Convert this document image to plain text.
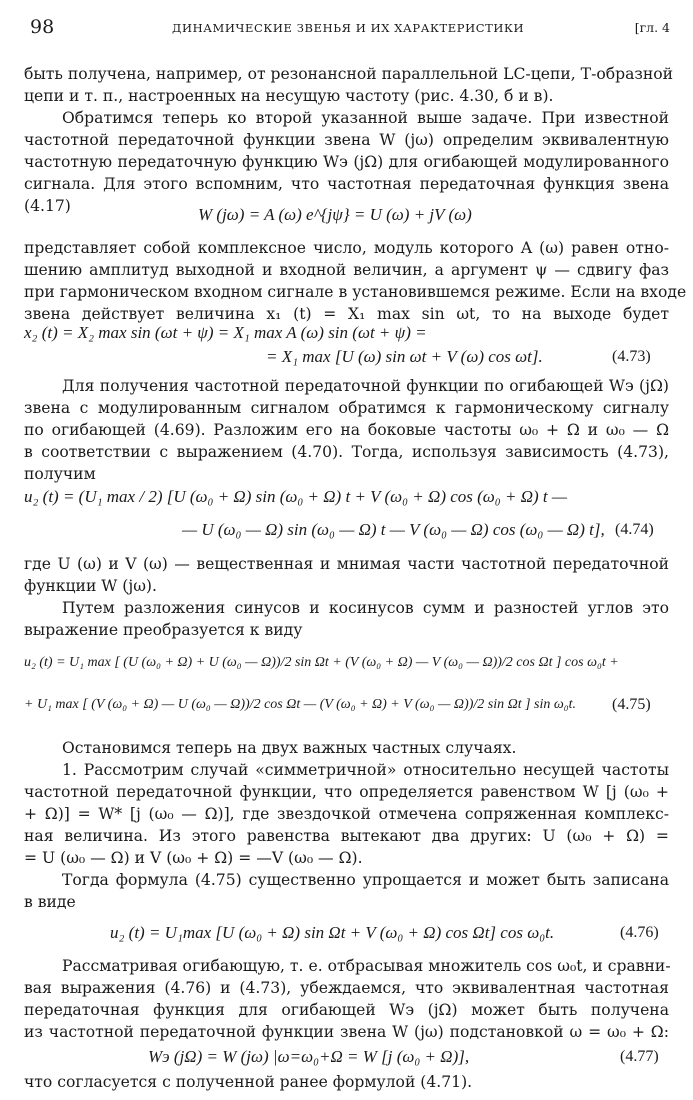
98	ДИНАМИЧЕСКИЕ ЗВЕНЬЯ И ИХ ХАРАКТЕРИСТИКИ	[гл. 4
быть получена, например, от резонансной параллельной LC-цепи, Т-образной
цепи и т. п., настроенных на несущую частоту (рис. 4.30, б и в).
Обратимся теперь ко второй указанной выше задаче. При известной
частотной передаточной функции звена W (jω) определим эквивалентную
частотную передаточную функцию Wэ (jΩ) для огибающей модулированного
сигнала. Для этого вспомним, что частотная передаточная функция звена
(4.17)	W (jω) = A (ω) e^{jψ} = U (ω) + jV (ω)
представляет собой комплексное число, модуль которого A (ω) равен отно-
шению амплитуд выходной и входной величин, а аргумент ψ — сдвигу фаз
при гармоническом входном сигнале в установившемся режиме. Если на входе
звена действует величина x₁ (t) = X₁ max sin ωt, то на выходе будет
x₂ (t) = X₂ max sin (ωt + ψ) = X₁ max A (ω) sin (ωt + ψ) =
= X₁ max [U (ω) sin ωt + V (ω) cos ωt].	(4.73)
Для получения частотной передаточной функции по огибающей Wэ (jΩ)
звена с модулированным сигналом обратимся к гармоническому сигналу
по огибающей (4.69). Разложим его на боковые частоты ω₀ + Ω и ω₀ — Ω
в соответствии с выражением (4.70). Тогда, используя зависимость (4.73),
получим
u₂ (t) = (U₁ max / 2) [U (ω₀ + Ω) sin (ω₀ + Ω) t + V (ω₀ + Ω) cos (ω₀ + Ω) t —
— U (ω₀ — Ω) sin (ω₀ — Ω) t — V (ω₀ — Ω) cos (ω₀ — Ω) t], (4.74)
где U (ω) и V (ω) — вещественная и мнимая части частотной передаточной
функции W (jω).
Путем разложения синусов и косинусов сумм и разностей углов это
выражение преобразуется к виду
u₂ (t) = U₁ max [ (U (ω₀ + Ω) + U (ω₀ — Ω))/2 sin Ωt + (V (ω₀ + Ω) — V (ω₀ — Ω))/2 cos Ωt ] cos ω₀t +
+ U₁ max [ (V (ω₀ + Ω) — U (ω₀ — Ω))/2 cos Ωt — (V (ω₀ + Ω) + V (ω₀ — Ω))/2 sin Ωt ] sin ω₀t.	(4.75)
Остановимся теперь на двух важных частных случаях.
1. Рассмотрим случай «симметричной» относительно несущей частоты
частотной передаточной функции, что определяется равенством W [j (ω₀ +
+ Ω)] = W* [j (ω₀ — Ω)], где звездочкой отмечена сопряженная комплекс-
ная величина. Из этого равенства вытекают два других: U (ω₀ + Ω) =
= U (ω₀ — Ω) и V (ω₀ + Ω) = —V (ω₀ — Ω).
Тогда формула (4.75) существенно упрощается и может быть записана
в виде
u₂ (t) = U₁max [U (ω₀ + Ω) sin Ωt + V (ω₀ + Ω) cos Ωt] cos ω₀t.	(4.76)
Рассматривая огибающую, т. е. отбрасывая множитель cos ω₀t, и сравни-
вая выражения (4.76) и (4.73), убеждаемся, что эквивалентная частотная
передаточная функция для огибающей Wэ (jΩ) может быть получена
из частотной передаточной функции звена W (jω) подстановкой ω = ω₀ + Ω:
Wэ (jΩ) = W (jω) |ω=ω₀+Ω = W [j (ω₀ + Ω)],	(4.77)
что согласуется с полученной ранее формулой (4.71).
